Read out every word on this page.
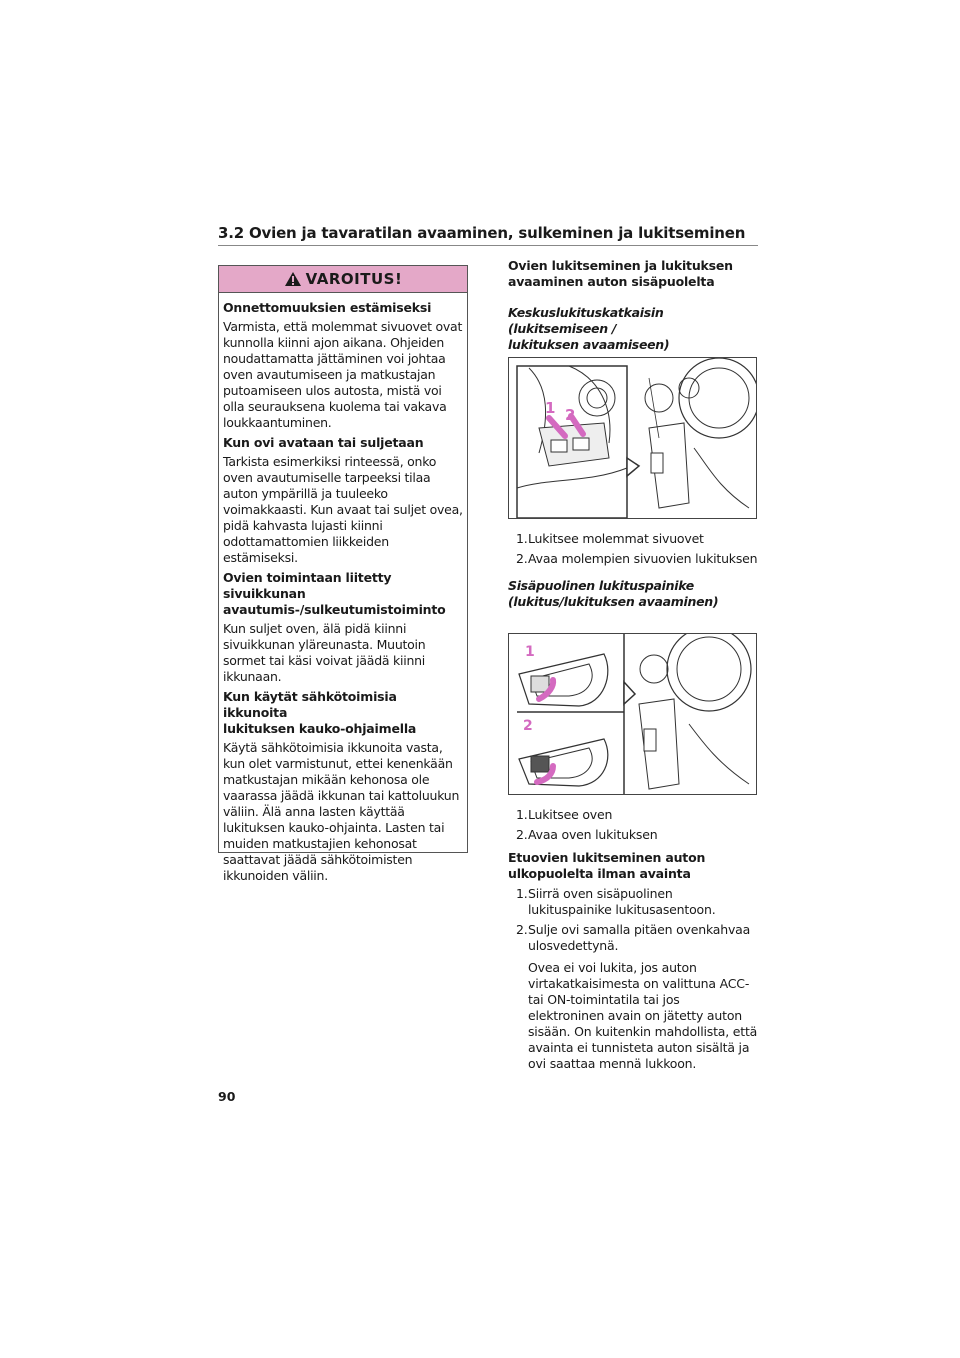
3.2 Ovien ja tavaratilan avaaminen, sulkeminen ja lukitseminen
VAROITUS!
Onnettomuuksien estämiseksi
Varmista, että molemmat sivuovet ovat
kunnolla kiinni ajon aikana. Ohjeiden
noudattamatta jättäminen voi johtaa
oven avautumiseen ja matkustajan
putoamiseen ulos autosta, mistä voi
olla seurauksena kuolema tai vakava
loukkaantuminen.
Kun ovi avataan tai suljetaan
Tarkista esimerkiksi rinteessä, onko
oven avautumiselle tarpeeksi tilaa
auton ympärillä ja tuuleeko
voimakkaasti. Kun avaat tai suljet ovea,
pidä kahvasta lujasti kiinni
odottamattomien liikkeiden
estämiseksi.
Ovien toimintaan liitetty sivuikkunan
avautumis-/sulkeutumistoiminto
Kun suljet oven, älä pidä kiinni
sivuikkunan yläreunasta. Muutoin
sormet tai käsi voivat jäädä kiinni
ikkunaan.
Kun käytät sähkötoimisia ikkunoita
lukituksen kauko-ohjaimella
Käytä sähkötoimisia ikkunoita vasta,
kun olet varmistunut, ettei kenenkään
matkustajan mikään kehonosa ole
vaarassa jäädä ikkunan tai kattoluukun
väliin. Älä anna lasten käyttää
lukituksen kauko-ohjainta. Lasten tai
muiden matkustajien kehonosat
saattavat jäädä sähkötoimisten
ikkunoiden väliin.
Ovien lukitseminen ja lukituksen
avaaminen auton sisäpuolelta
Keskuslukituskatkaisin (lukitsemiseen /
lukituksen avaamiseen)
1 2
1. Lukitsee molemmat sivuovet
2. Avaa molempien sivuovien lukituksen
Sisäpuolinen lukituspainike
(lukitus/lukituksen avaaminen)
1
2
1. Lukitsee oven
2. Avaa oven lukituksen
Etuovien lukitseminen auton
ulkopuolelta ilman avainta
1. Siirrä oven sisäpuolinen
lukituspainike lukitusasentoon.
2. Sulje ovi samalla pitäen ovenkahvaa
ulosvedettynä.
Ovea ei voi lukita, jos auton
virtakatkaisimesta on valittuna ACC-
tai ON-toimintatila tai jos
elektroninen avain on jätetty auton
sisään. On kuitenkin mahdollista, että
avainta ei tunnisteta auton sisältä ja
ovi saattaa mennä lukkoon.
90
